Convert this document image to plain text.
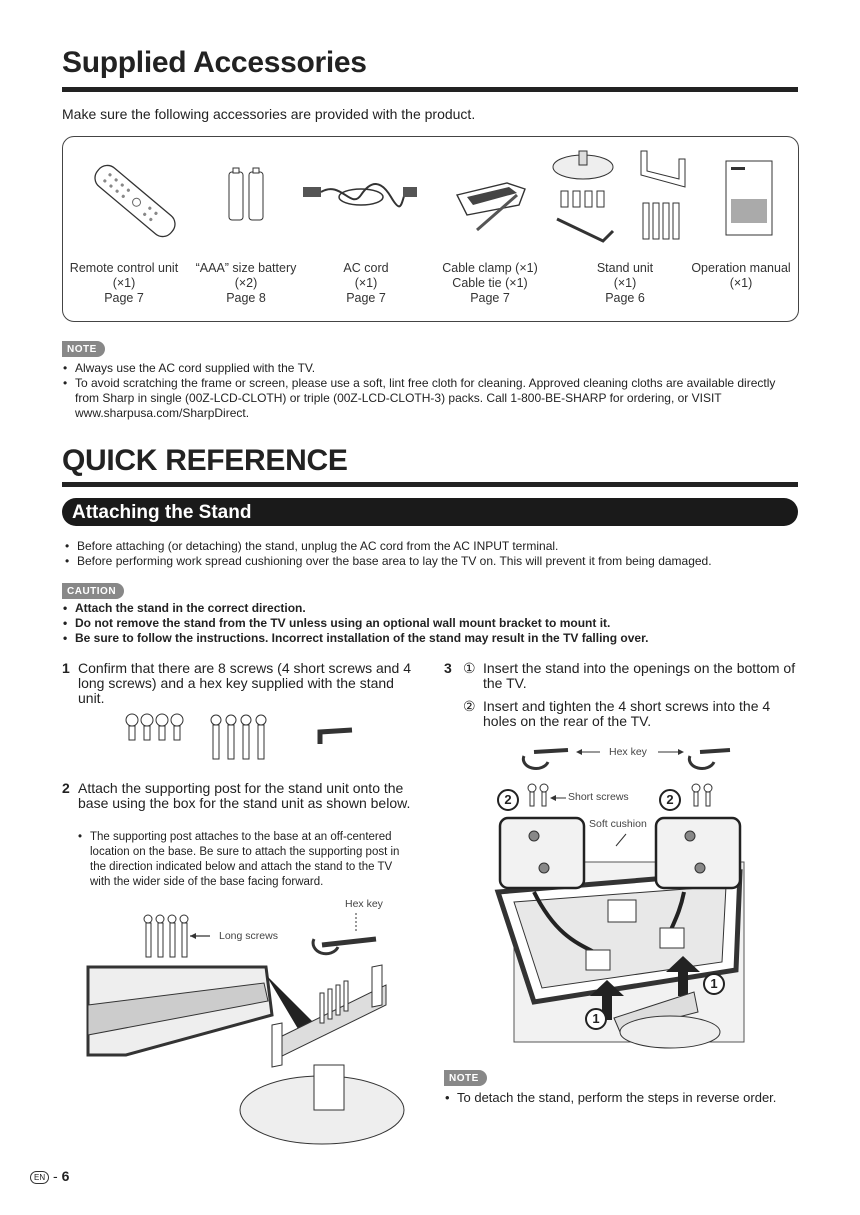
Supplied Accessories
Make sure the following accessories are provided with the product.
Remote control unit
(×1)
Page 7
“AAA” size battery
(×2)
Page 8
AC cord
(×1)
Page 7
Cable clamp (×1)
Cable tie (×1)
Page 7
Stand unit
(×1)
Page 6
Operation manual
(×1)
NOTE
• Always use the AC cord supplied with the TV.
• To avoid scratching the frame or screen, please use a soft, lint free cloth for cleaning. Approved cleaning cloths are available directly from Sharp in single (00Z-LCD-CLOTH) or triple (00Z-LCD-CLOTH-3) packs. Call 1-800-BE-SHARP for ordering, or VISIT www.sharpusa.com/SharpDirect.
QUICK REFERENCE
Attaching the Stand
• Before attaching (or detaching) the stand, unplug the AC cord from the AC INPUT terminal.
• Before performing work spread cushioning over the base area to lay the TV on. This will prevent it from being damaged.
CAUTION
• Attach the stand in the correct direction.
• Do not remove the stand from the TV unless using an optional wall mount bracket to mount it.
• Be sure to follow the instructions. Incorrect installation of the stand may result in the TV falling over.
1 Confirm that there are 8 screws (4 short screws and 4 long screws) and a hex key supplied with the stand unit.
2 Attach the supporting post for the stand unit onto the base using the box for the stand unit as shown below.
• The supporting post attaches to the base at an off-centered location on the base. Be sure to attach the supporting post in the direction indicated below and attach the stand to the TV with the wider side of the base facing forward.
Hex key
Long screws
3 ① Insert the stand into the openings on the bottom of the TV.
② Insert and tighten the 4 short screws into the 4 holes on the rear of the TV.
Hex key
Short screws
Soft cushion
2	2
1
1
NOTE
• To detach the stand, perform the steps in reverse order.
EN - 6
